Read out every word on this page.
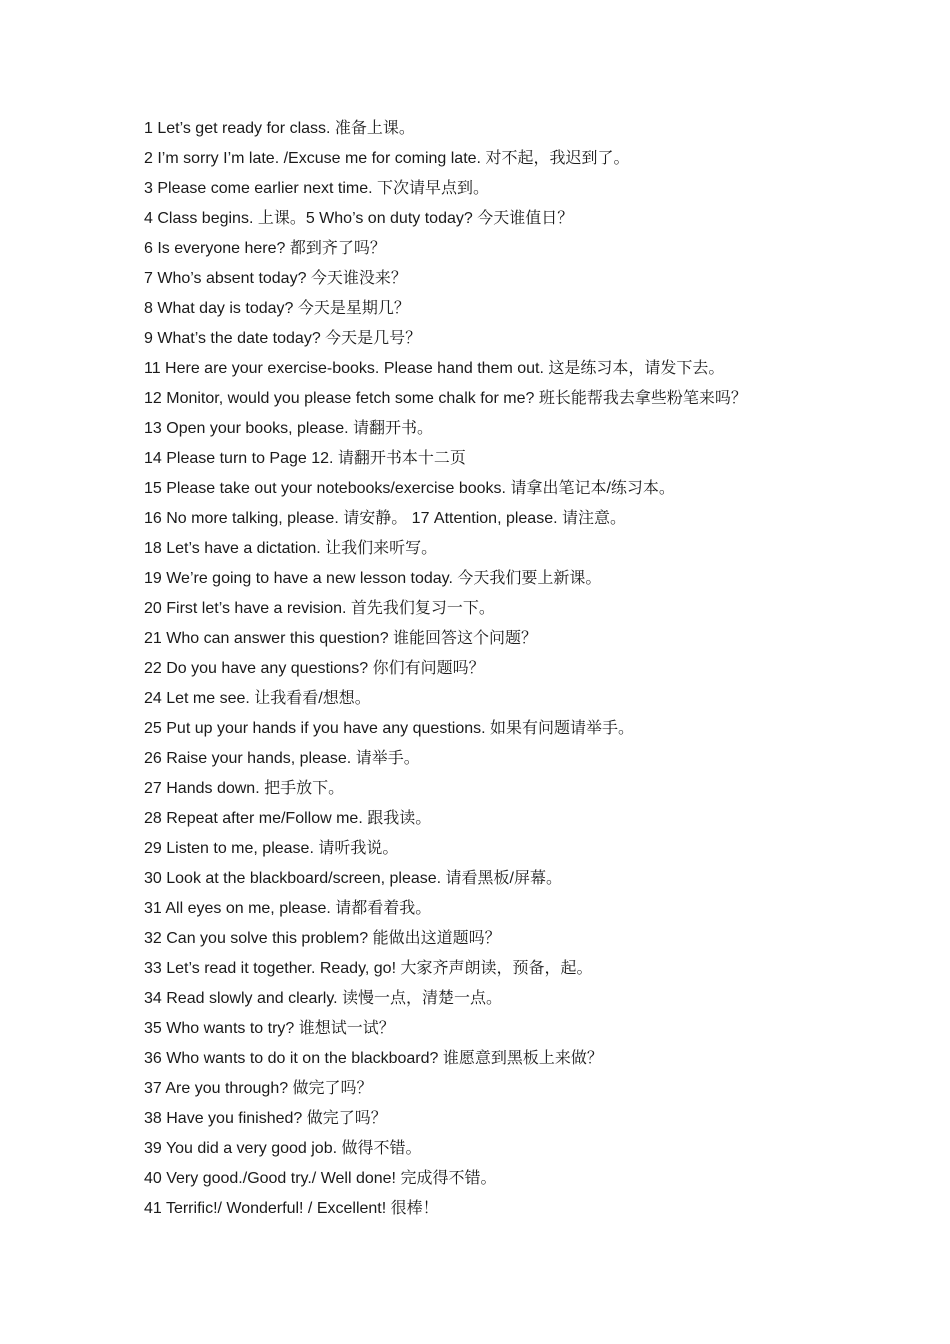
1 Let’s get ready for class. 准备上课。
2 I’m sorry I’m late. /Excuse me for coming late. 对不起，我迟到了。
3 Please come earlier next time. 下次请早点到。
4 Class begins. 上课。5 Who’s on duty today? 今天谁值日？
6 Is everyone here? 都到齐了吗？
7 Who’s absent today? 今天谁没来？
8 What day is today? 今天是星期几？
9 What’s the date today? 今天是几号？
11 Here are your exercise-books. Please hand them out. 这是练习本，请发下去。
12 Monitor, would you please fetch some chalk for me? 班长能帮我去拿些粉笔来吗？
13 Open your books, please. 请翻开书。
14 Please turn to Page 12. 请翻开书本十二页
15 Please take out your notebooks/exercise books. 请拿出笔记本/练习本。
16 No more talking, please. 请安静。 17 Attention, please. 请注意。
18 Let’s have a dictation. 让我们来听写。
19 We’re going to have a new lesson today. 今天我们要上新课。
20 First let’s have a revision. 首先我们复习一下。
21 Who can answer this question? 谁能回答这个问题？
22 Do you have any questions? 你们有问题吗？
24 Let me see. 让我看看/想想。
25 Put up your hands if you have any questions. 如果有问题请举手。
26 Raise your hands, please. 请举手。
27 Hands down. 把手放下。
28 Repeat after me/Follow me. 跟我读。
29 Listen to me, please. 请听我说。
30 Look at the blackboard/screen, please. 请看黑板/屏幕。
31 All eyes on me, please. 请都看着我。
32 Can you solve this problem? 能做出这道题吗？
33 Let’s read it together. Ready, go! 大家齐声朗读，预备，起。
34 Read slowly and clearly. 读慢一点，清楚一点。
35 Who wants to try? 谁想试一试？
36 Who wants to do it on the blackboard? 谁愿意到黑板上来做？
37 Are you through? 做完了吗？
38 Have you finished? 做完了吗？
39 You did a very good job. 做得不错。
40 Very good./Good try./ Well done! 完成得不错。
41 Terrific!/ Wonderful! / Excellent! 很棒！
